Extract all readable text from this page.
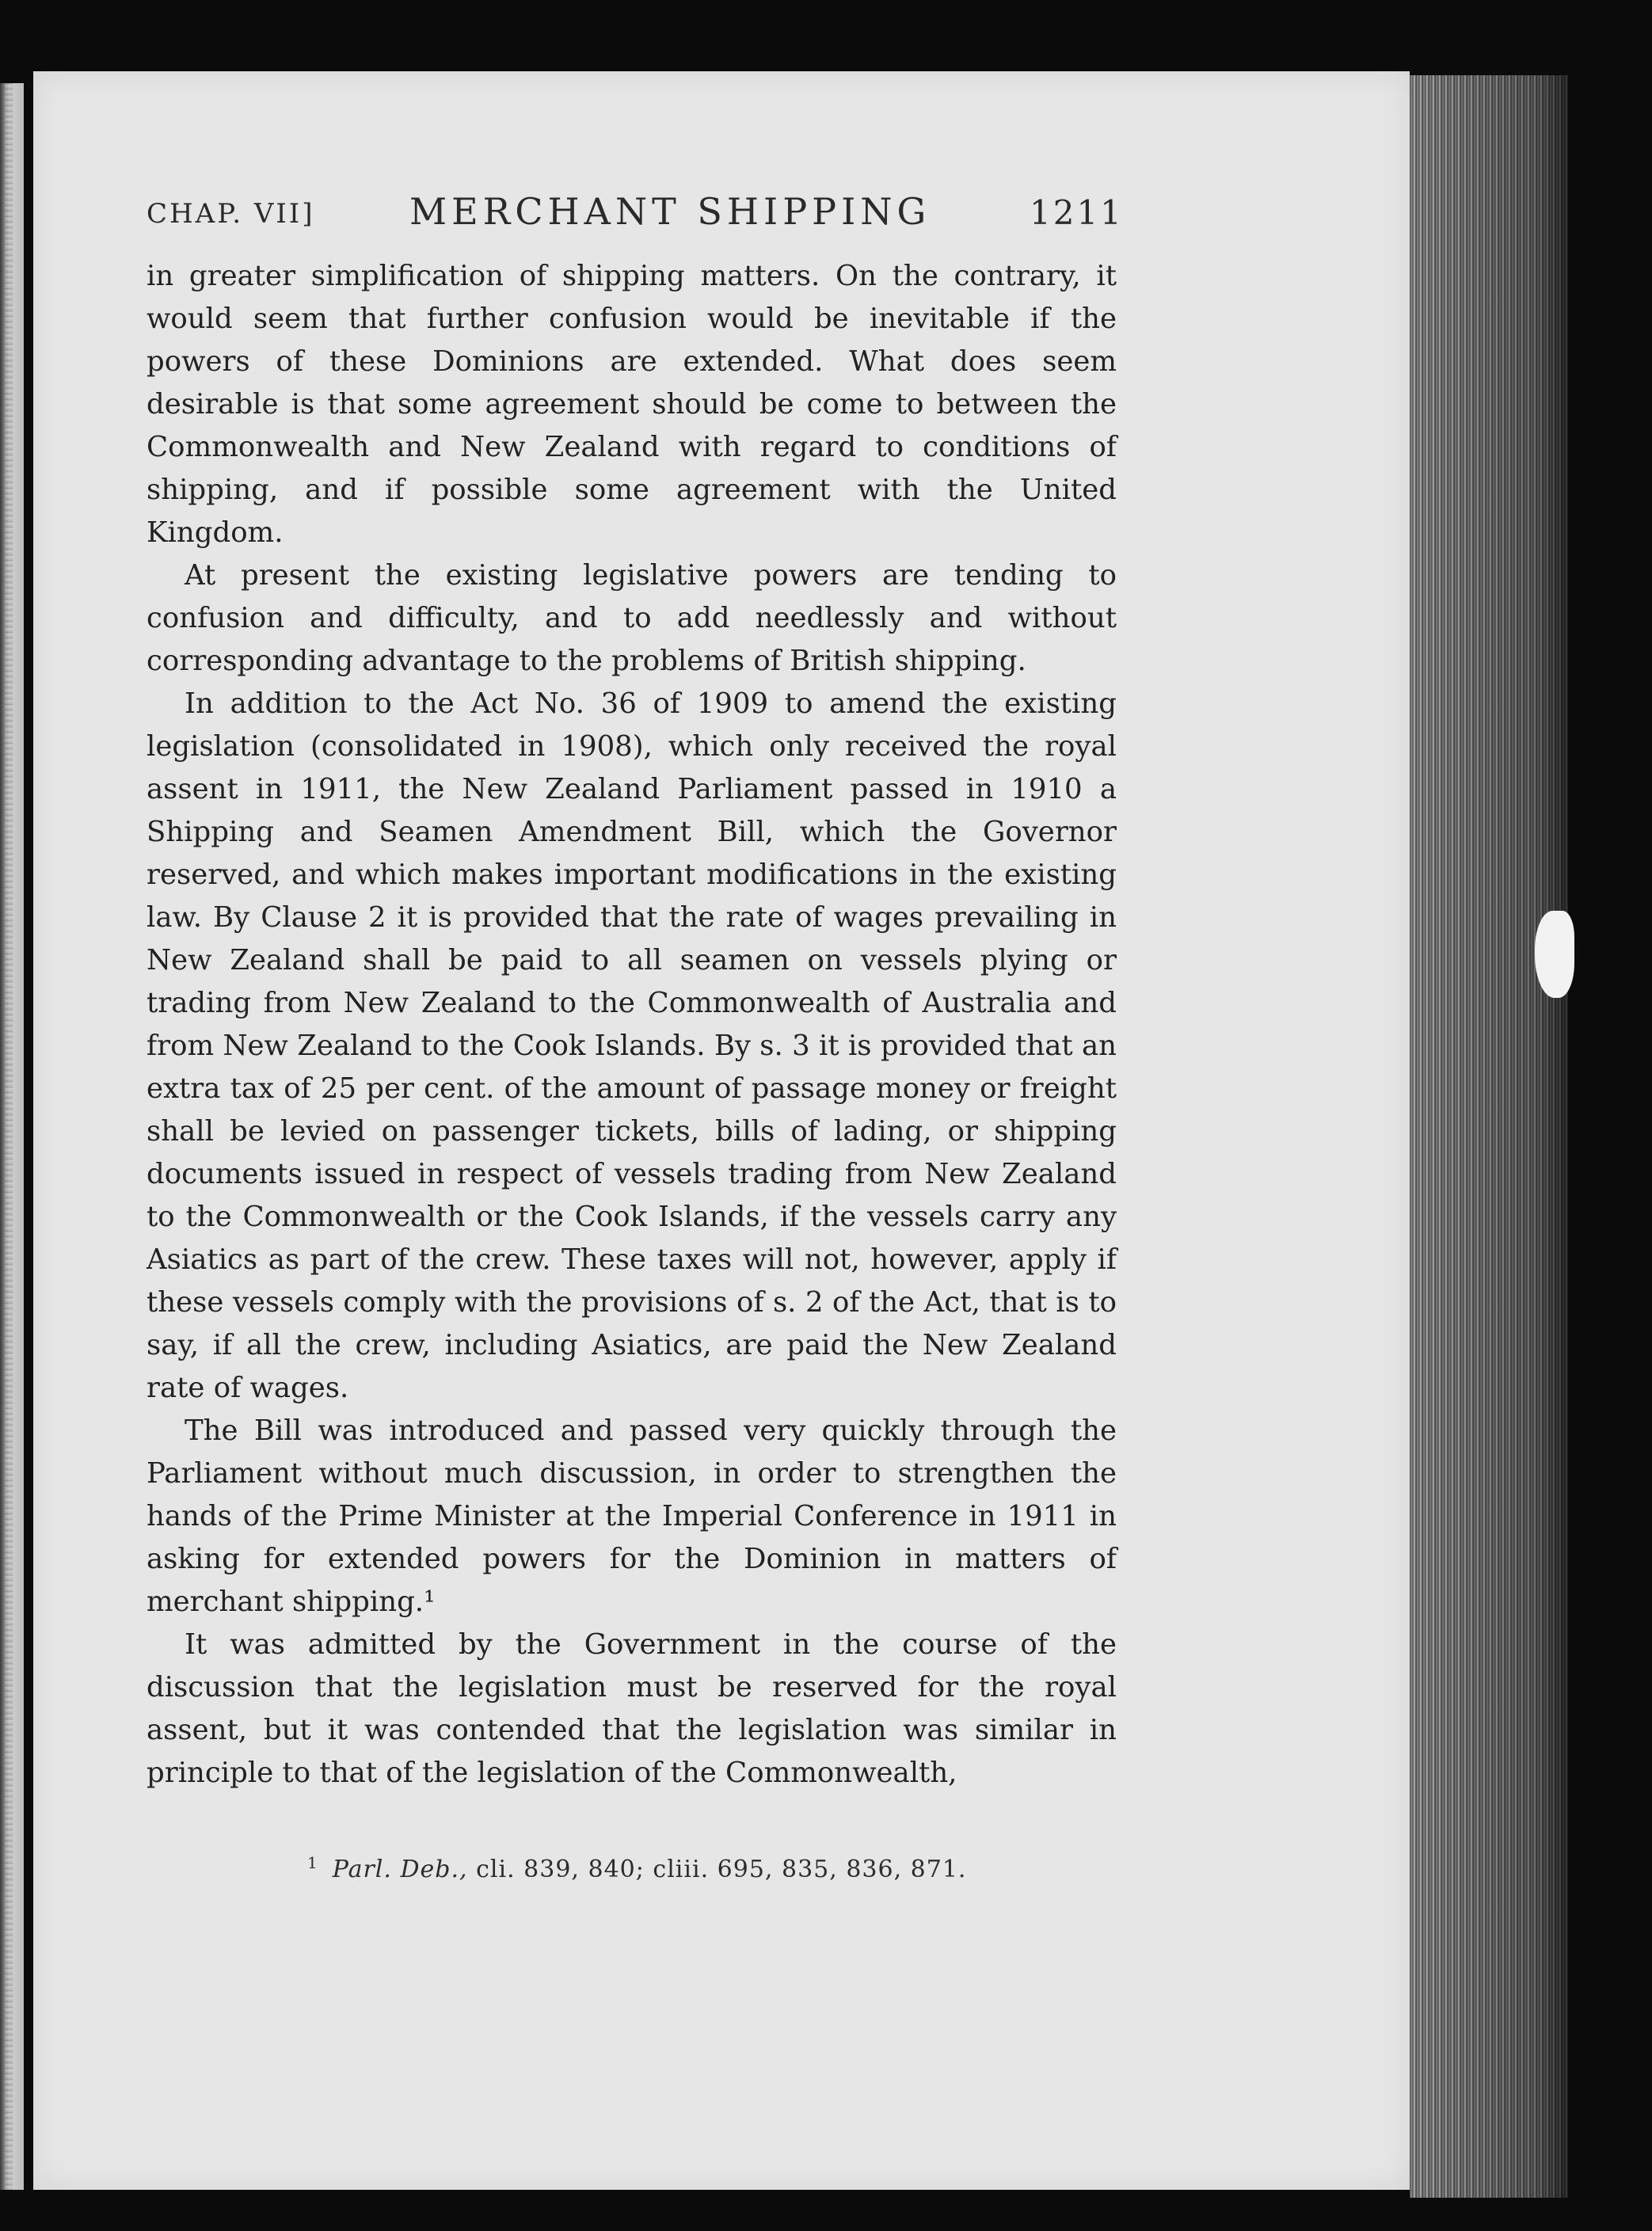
CHAP. VII]	MERCHANT SHIPPING	1211

in greater simplification of shipping matters. On the contrary, it would seem that further confusion would be inevitable if the powers of these Dominions are extended. What does seem desirable is that some agreement should be come to between the Commonwealth and New Zealand with regard to conditions of shipping, and if possible some agreement with the United Kingdom.

At present the existing legislative powers are tending to confusion and difficulty, and to add needlessly and without corresponding advantage to the problems of British shipping.

In addition to the Act No. 36 of 1909 to amend the existing legislation (consolidated in 1908), which only received the royal assent in 1911, the New Zealand Parliament passed in 1910 a Shipping and Seamen Amendment Bill, which the Governor reserved, and which makes important modifications in the existing law. By Clause 2 it is provided that the rate of wages prevailing in New Zealand shall be paid to all seamen on vessels plying or trading from New Zealand to the Commonwealth of Australia and from New Zealand to the Cook Islands. By s. 3 it is provided that an extra tax of 25 per cent. of the amount of passage money or freight shall be levied on passenger tickets, bills of lading, or shipping documents issued in respect of vessels trading from New Zealand to the Commonwealth or the Cook Islands, if the vessels carry any Asiatics as part of the crew. These taxes will not, however, apply if these vessels comply with the provisions of s. 2 of the Act, that is to say, if all the crew, including Asiatics, are paid the New Zealand rate of wages.

The Bill was introduced and passed very quickly through the Parliament without much discussion, in order to strengthen the hands of the Prime Minister at the Imperial Conference in 1911 in asking for extended powers for the Dominion in matters of merchant shipping.¹

It was admitted by the Government in the course of the discussion that the legislation must be reserved for the royal assent, but it was contended that the legislation was similar in principle to that of the legislation of the Commonwealth,

$^1$ Parl. Deb., cli. 839, 840; cliii. 695, 835, 836, 871.
